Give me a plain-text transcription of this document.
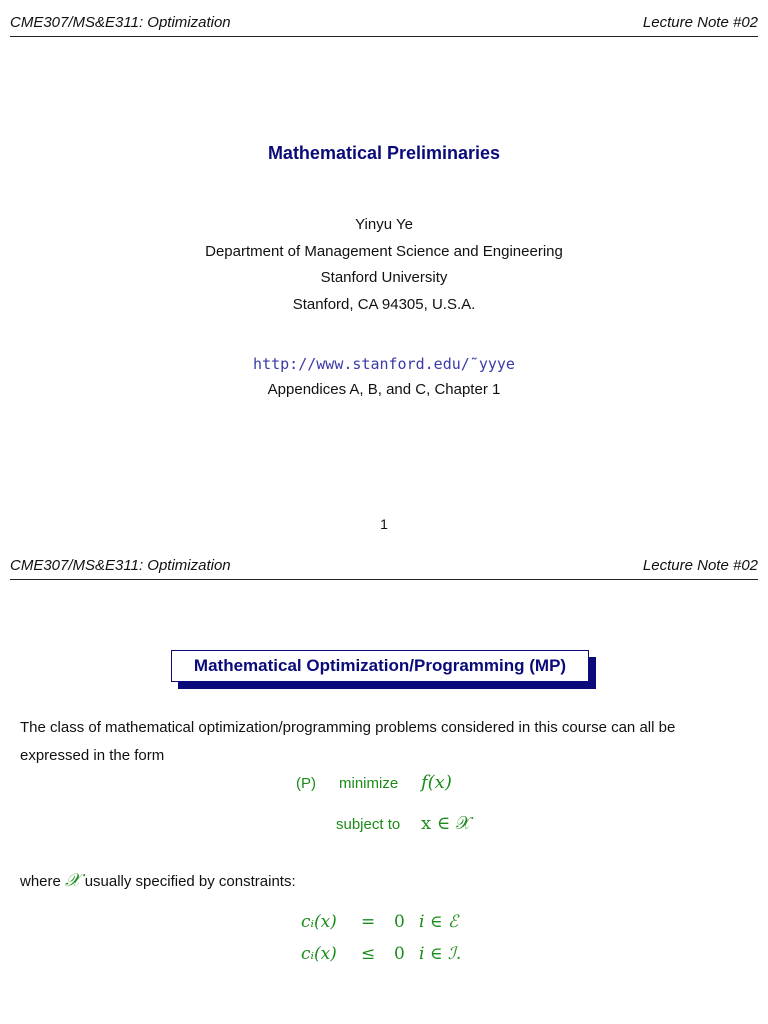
CME307/MS&E311: Optimization	Lecture Note #02
Mathematical Preliminaries
Yinyu Ye
Department of Management Science and Engineering
Stanford University
Stanford, CA 94305, U.S.A.
http://www.stanford.edu/˜yyye
Appendices A, B, and C, Chapter 1
1
CME307/MS&E311: Optimization	Lecture Note #02
Mathematical Optimization/Programming (MP)
The class of mathematical optimization/programming problems considered in this course can all be expressed in the form
(P) minimize f(x)
subject to x ∈ 𝒳
where 𝒳 usually specified by constraints:
cᵢ(x) = 0 i ∈ ℰ
cᵢ(x) ≤ 0 i ∈ ℐ.
